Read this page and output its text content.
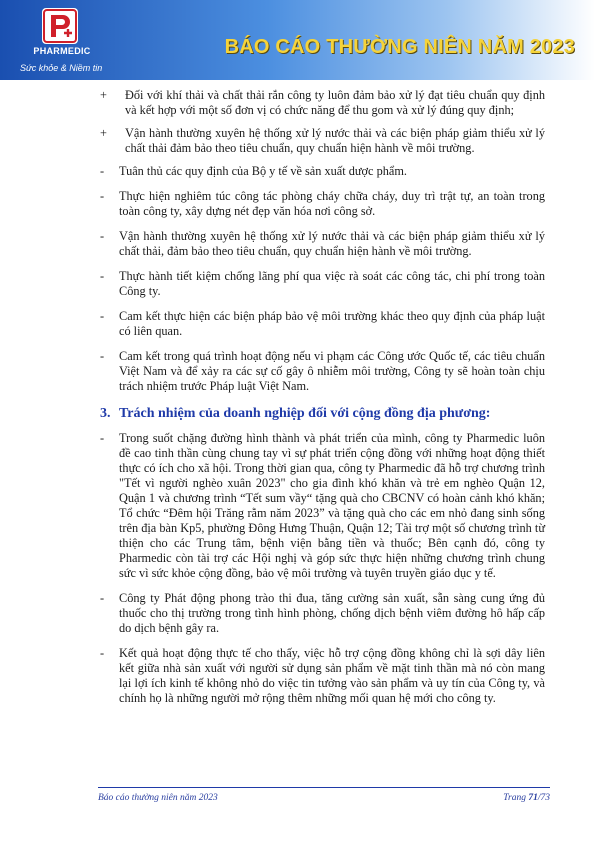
PHARMEDIC
Sức khỏe & Niềm tin
BÁO CÁO THƯỜNG NIÊN NĂM 2023
+ Đối với khí thải và chất thải rắn công ty luôn đảm bảo xử lý đạt tiêu chuẩn quy định và kết hợp với một số đơn vị có chức năng để thu gom và xử lý đúng quy định;
+ Vận hành thường xuyên hệ thống xử lý nước thải và các biện pháp giảm thiểu xử lý chất thải đảm bảo theo tiêu chuẩn, quy chuẩn hiện hành về môi trường.
- Tuân thủ các quy định của Bộ y tế về sản xuất dược phẩm.
- Thực hiện nghiêm túc công tác phòng cháy chữa cháy, duy trì trật tự, an toàn trong toàn công ty, xây dựng nét đẹp văn hóa nơi công sở.
- Vận hành thường xuyên hệ thống xử lý nước thải và các biện pháp giảm thiểu xử lý chất thải, đảm bảo theo tiêu chuẩn, quy chuẩn hiện hành về môi trường.
- Thực hành tiết kiệm chống lãng phí qua việc rà soát các công tác, chi phí trong toàn Công ty.
- Cam kết thực hiện các biện pháp bảo vệ môi trường khác theo quy định của pháp luật có liên quan.
- Cam kết trong quá trình hoạt động nếu vi phạm các Công ước Quốc tế, các tiêu chuẩn Việt Nam và để xảy ra các sự cố gây ô nhiễm môi trường, Công ty sẽ hoàn toàn chịu trách nhiệm trước Pháp luật Việt Nam.
3. Trách nhiệm của doanh nghiệp đối với cộng đồng địa phương:
- Trong suốt chặng đường hình thành và phát triển của mình, công ty Pharmedic luôn đề cao tinh thần cùng chung tay vì sự phát triển cộng đồng với những hoạt động thiết thực có ích cho xã hội. Trong thời gian qua, công ty Pharmedic đã hỗ trợ chương trình "Tết vì người nghèo xuân 2023" cho gia đình khó khăn và trẻ em nghèo Quận 12, Quận 1 và chương trình “Tết sum vầy“ tặng quà cho CBCNV có hoàn cảnh khó khăn; Tổ chức “Đêm hội Trăng rằm năm 2023” và tặng quà cho các em nhỏ đang sinh sống trên địa bàn Kp5, phường Đông Hưng Thuận, Quận 12; Tài trợ một số chương trình từ thiện cho các Trung tâm, bệnh viện bằng tiền và thuốc; Bên cạnh đó, công ty Pharmedic còn tài trợ các Hội nghị và góp sức thực hiện những chương trình chung sức vì sức khỏe cộng đồng, bảo vệ môi trường và tuyên truyền giáo dục y tế.
- Công ty Phát động phong trào thi đua, tăng cường sản xuất, sẵn sàng cung ứng đủ thuốc cho thị trường trong tình hình phòng, chống dịch bệnh viêm đường hô hấp cấp do dịch bệnh gây ra.
- Kết quả hoạt động thực tế cho thấy, việc hỗ trợ cộng đồng không chỉ là sợi dây liên kết giữa nhà sản xuất với người sử dụng sản phẩm về mặt tinh thần mà nó còn mang lại lợi ích kinh tế không nhỏ do việc tin tưởng vào sản phẩm và uy tín của Công ty, và chính họ là những người mở rộng thêm những mối quan hệ mới cho công ty.
Báo cáo thường niên năm 2023	Trang 71/73
